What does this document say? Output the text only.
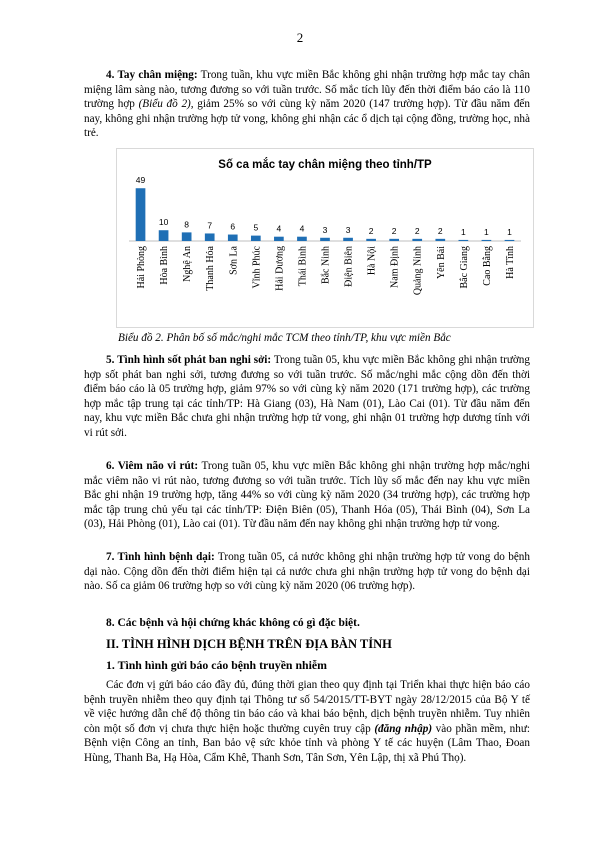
2

4. Tay chân miệng: Trong tuần, khu vực miền Bắc không ghi nhận trường hợp mắc tay chân miệng lâm sàng nào, tương đương so với tuần trước. Số mắc tích lũy đến thời điểm báo cáo là 110 trường hợp (Biểu đồ 2), giảm 25% so với cùng kỳ năm 2020 (147 trường hợp). Từ đầu năm đến nay, không ghi nhận trường hợp tử vong, không ghi nhận các ổ dịch tại cộng đồng, trường học, nhà trẻ.

Số ca mắc tay chân miệng theo tỉnh/TP
49
Hải Phòng
10
Hòa Bình
8
Nghệ An
7
Thanh Hóa
6
Sơn La
5
Vĩnh Phúc
4
Hải Dương
4
Thái Bình
3
Bắc Ninh
3
Điện Biên
2
Hà Nội
2
Nam Định
2
Quảng Ninh
2
Yên Bái
1
Bắc Giang
1
Cao Bằng
1
Hà Tĩnh
Biểu đồ 2. Phân bố số mắc/nghi mắc TCM theo tỉnh/TP, khu vực miền Bắc

5. Tình hình sốt phát ban nghi sởi: Trong tuần 05, khu vực miền Bắc không ghi nhận trường hợp sốt phát ban nghi sởi, tương đương so với tuần trước. Số mắc/nghi mắc cộng dồn đến thời điểm báo cáo là 05 trường hợp, giảm 97% so với cùng kỳ năm 2020 (171 trường hợp), các trường hợp mắc tập trung tại các tỉnh/TP: Hà Giang (03), Hà Nam (01), Lào Cai (01). Từ đầu năm đến nay, khu vực miền Bắc chưa ghi nhận trường hợp tử vong, ghi nhận 01 trường hợp dương tính với vi rút sởi.

6. Viêm não vi rút: Trong tuần 05, khu vực miền Bắc không ghi nhận trường hợp mắc/nghi mắc viêm não vi rút nào, tương đương so với tuần trước. Tích lũy số mắc đến nay khu vực miền Bắc ghi nhận 19 trường hợp, tăng 44% so với cùng kỳ năm 2020 (34 trường hợp), các trường hợp mắc tập trung chủ yếu tại các tỉnh/TP: Điện Biên (05), Thanh Hóa (05), Thái Bình (04), Sơn La (03), Hải Phòng (01), Lào cai (01). Từ đầu năm đến nay không ghi nhận trường hợp tử vong.

7. Tình hình bệnh dại: Trong tuần 05, cả nước không ghi nhận trường hợp tử vong do bệnh dại nào. Cộng dồn đến thời điểm hiện tại cả nước chưa ghi nhận trường hợp tử vong do bệnh dại nào. Số ca giảm 06 trường hợp so với cùng kỳ năm 2020 (06 trường hợp).

8. Các bệnh và hội chứng khác không có gì đặc biệt.
II. TÌNH HÌNH DỊCH BỆNH TRÊN ĐỊA BÀN TỈNH
1. Tình hình gửi báo cáo bệnh truyền nhiễm

Các đơn vị gửi báo cáo đầy đủ, đúng thời gian theo quy định tại Triển khai thực hiện báo cáo bệnh truyền nhiễm theo quy định tại Thông tư số 54/2015/TT-BYT ngày 28/12/2015 của Bộ Y tế về việc hướng dẫn chế độ thông tin báo cáo và khai báo bệnh, dịch bệnh truyền nhiễm. Tuy nhiên còn một số đơn vị chưa thực hiện hoặc thường cuyên truy cập (đăng nhập) vào phần mềm, như: Bệnh viện Công an tỉnh, Ban bảo vệ sức khỏe tỉnh và phòng Y tế các huyện (Lâm Thao, Đoan Hùng, Thanh Ba, Hạ Hòa, Cẩm Khê, Thanh Sơn, Tân Sơn, Yên Lập, thị xã Phú Thọ).
